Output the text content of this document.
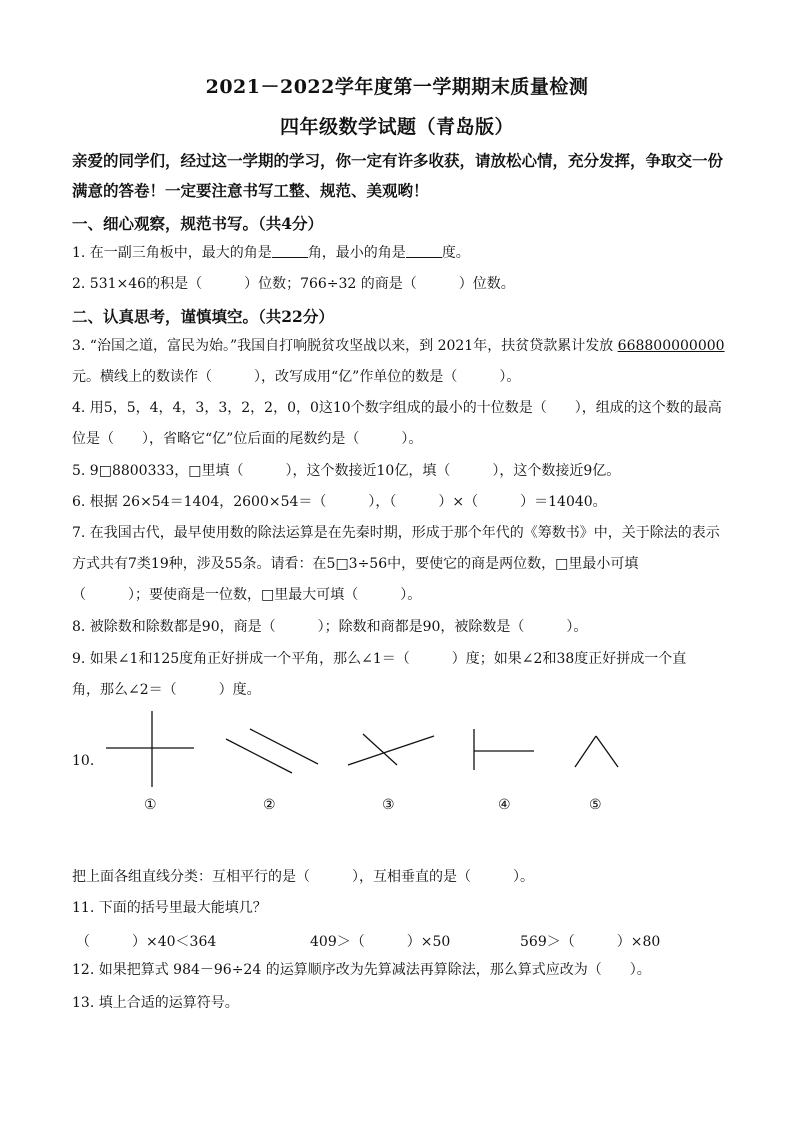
2021－2022学年度第一学期期末质量检测
四年级数学试题（青岛版）
亲爱的同学们，经过这一学期的学习，你一定有许多收获，请放松心情，充分发挥，争取交一份满意的答卷！一定要注意书写工整、规范、美观哟！
一、细心观察，规范书写。（共4分）
1. 在一副三角板中，最大的角是	角，最小的角是	度。
2. 531×46的积是（　　　）位数；766÷32 的商是（　　　）位数。
二、认真思考，谨慎填空。（共22分）
3. “治国之道，富民为始。”我国自打响脱贫攻坚战以来，到 2021年，扶贫贷款累计发放 668800000000元。横线上的数读作（　　　），改写成用“亿”作单位的数是（　　　）。
4. 用5，5，4，4，3，3，2，2，0，0这10个数字组成的最小的十位数是（　　），组成的这个数的最高位是（　　），省略它“亿”位后面的尾数约是（　　　）。
5. 9□8800333，□里填（　　　），这个数接近10亿，填（　　　），这个数接近9亿。
6. 根据 26×54＝1404，2600×54＝（　　　），（　　　）×（　　　）＝14040。
7. 在我国古代，最早使用数的除法运算是在先秦时期，形成于那个年代的《筹数书》中，关于除法的表示
方式共有7类19种，涉及55条。请看：在5□3÷56中，要使它的商是两位数，□里最小可填
（　　　）；要使商是一位数，□里最大可填（　　　）。
8. 被除数和除数都是90，商是（　　　）；除数和商都是90，被除数是（　　　）。
9. 如果∠1和125度角正好拼成一个平角，那么∠1＝（　　　）度；如果∠2和38度正好拼成一个直
角，那么∠2＝（　　　）度。
10.
①	②	③	④	⑤
把上面各组直线分类：互相平行的是（　　　），互相垂直的是（　　　）。
11. 下面的括号里最大能填几？
（　　　）×40＜364	409＞（　　　）×50	569＞（　　　）×80
12. 如果把算式 984－96÷24 的运算顺序改为先算减法再算除法，那么算式应改为（　　）。
13. 填上合适的运算符号。
